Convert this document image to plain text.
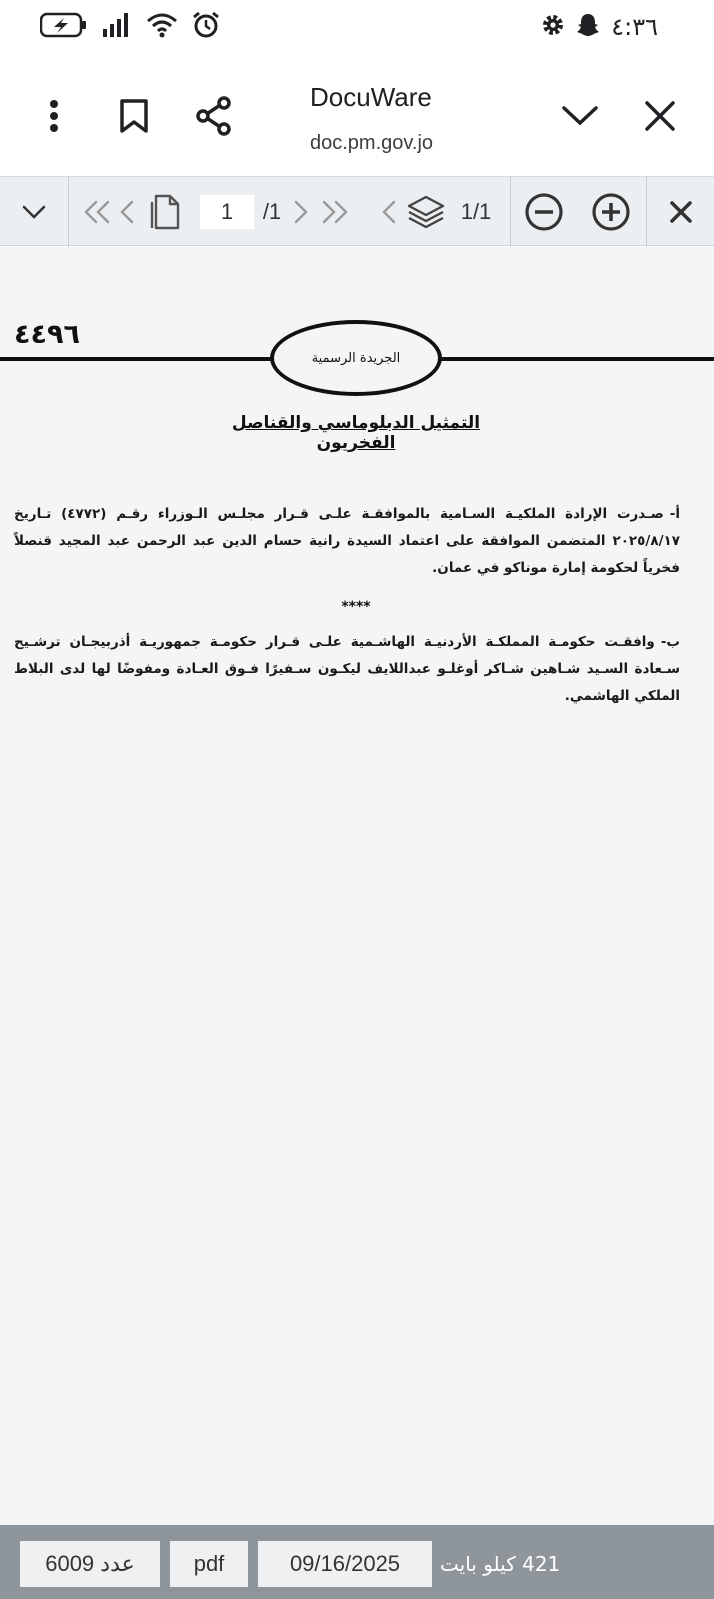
٤:٣٦
DocuWare
doc.pm.gov.jo
1
/1	1/1
٤٤٩٦
الجريدة الرسمية
التمثيل الدبلوماسي والقناصل الفخريون
أ-صـدرت الإرادة الملكيـة السـامية بالموافقـة علـى قـرار مجلـس الـوزراء رقـم (٤٧٧٢) تـاريخ ٢٠٢٥/٨/١٧ المتضمن الموافقة على اعتماد السيدة رانية حسام الدين عبد الرحمن عبد المجيد قنصلاً فخرياً لحكومة إمارة موناكو في عمان.
****
ب-وافقـت حكومـة المملكـة الأردنيـة الهاشـمية علـى قـرار حكومـة جمهوريـة أذربيجـان ترشـيح سـعادة السـيد شـاهين شـاكر أوغلـو عبداللايف ليكـون سـفيرًا فـوق العـادة ومفوضًا لها لدى البلاط الملكي الهاشمي.
عدد 6009	pdf	09/16/2025 421 كيلو بايت
